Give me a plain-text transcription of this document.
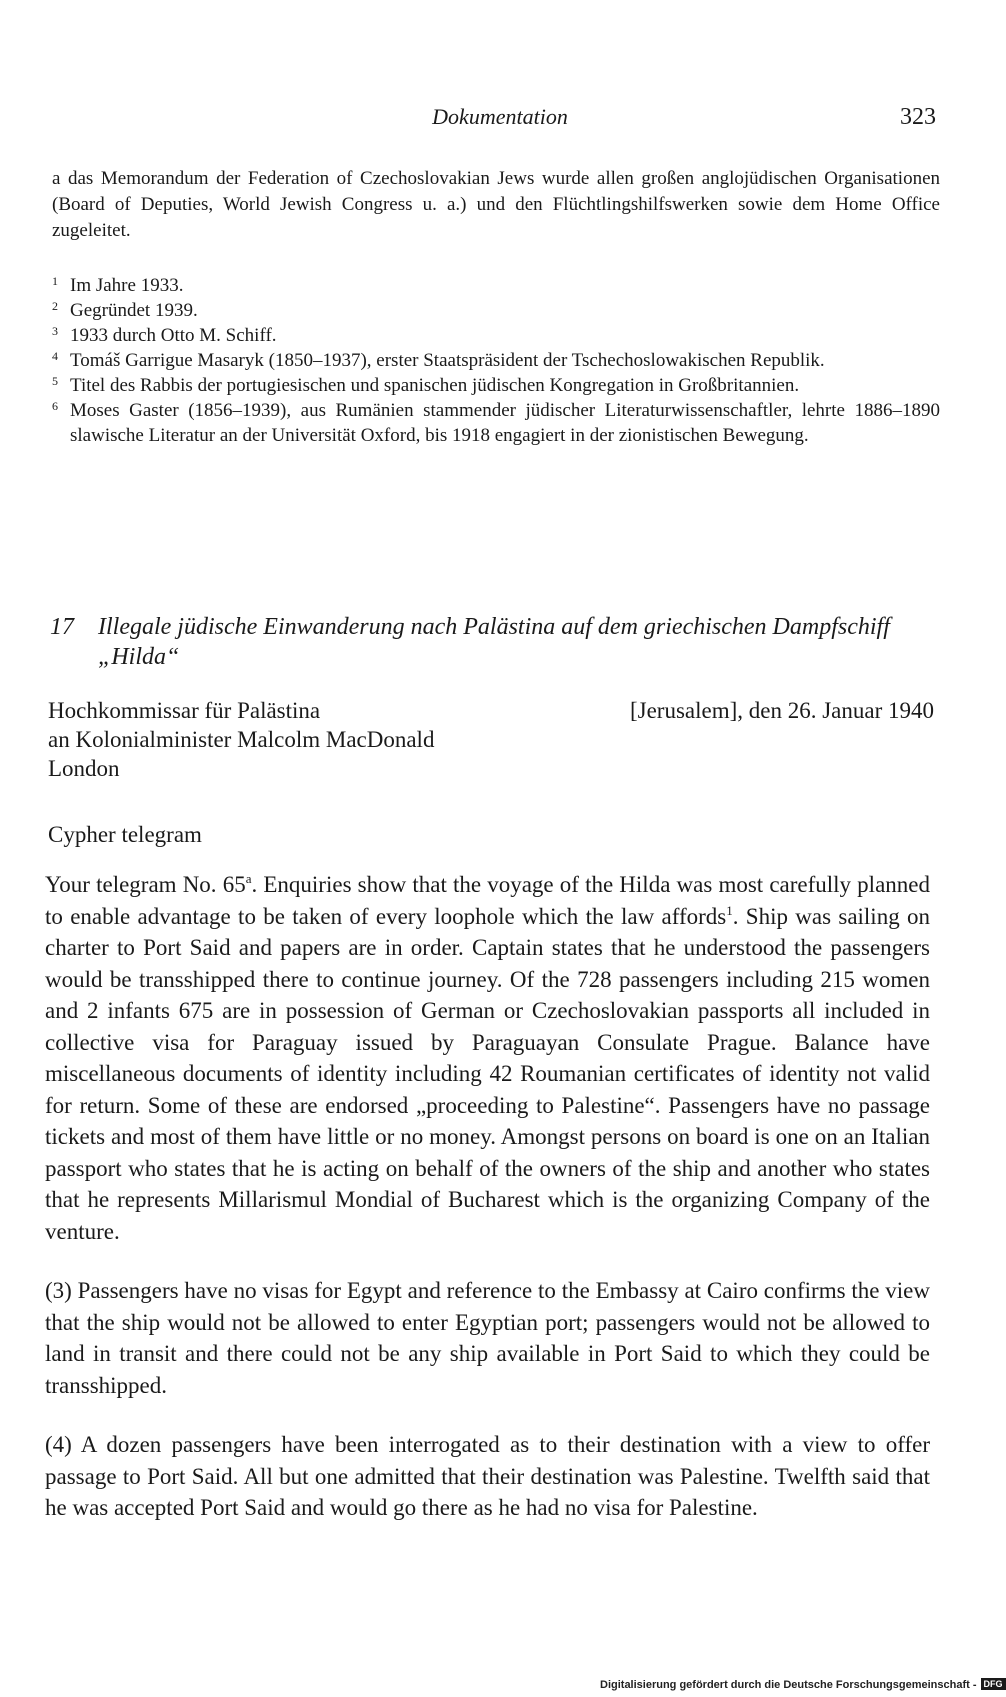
Dokumentation	323
a das Memorandum der Federation of Czechoslovakian Jews wurde allen großen anglojüdischen Organisationen (Board of Deputies, World Jewish Congress u. a.) und den Flüchtlingshilfswerken sowie dem Home Office zugeleitet.
1 Im Jahre 1933.
2 Gegründet 1939.
3 1933 durch Otto M. Schiff.
4 Tomáš Garrigue Masaryk (1850–1937), erster Staatspräsident der Tschechoslowakischen Republik.
5 Titel des Rabbis der portugiesischen und spanischen jüdischen Kongregation in Großbritannien.
6 Moses Gaster (1856–1939), aus Rumänien stammender jüdischer Literaturwissenschaftler, lehrte 1886–1890 slawische Literatur an der Universität Oxford, bis 1918 engagiert in der zionistischen Bewegung.
17 Illegale jüdische Einwanderung nach Palästina auf dem griechischen Dampfschiff „Hilda“
Hochkommissar für Palästina
an Kolonialminister Malcolm MacDonald
London
[Jerusalem], den 26. Januar 1940
Cypher telegram

Your telegram No. 65$^a$. Enquiries show that the voyage of the Hilda was most carefully planned to enable advantage to be taken of every loophole which the law affords$^1$. Ship was sailing on charter to Port Said and papers are in order. Captain states that he understood the passengers would be transshipped there to continue journey. Of the 728 passengers including 215 women and 2 infants 675 are in possession of German or Czechoslovakian passports all included in collective visa for Paraguay issued by Paraguayan Consulate Prague. Balance have miscellaneous documents of identity including 42 Roumanian certificates of identity not valid for return. Some of these are endorsed „proceeding to Palestine“. Passengers have no passage tickets and most of them have little or no money. Amongst persons on board is one on an Italian passport who states that he is acting on behalf of the owners of the ship and another who states that he represents Millarismul Mondial of Bucharest which is the organizing Company of the venture.

(3) Passengers have no visas for Egypt and reference to the Embassy at Cairo confirms the view that the ship would not be allowed to enter Egyptian port; passengers would not be allowed to land in transit and there could not be any ship available in Port Said to which they could be transshipped.

(4) A dozen passengers have been interrogated as to their destination with a view to offer passage to Port Said. All but one admitted that their destination was Palestine. Twelfth said that he was accepted Port Said and would go there as he had no visa for Palestine.

Digitalisierung gefördert durch die Deutsche Forschungsgemeinschaft - DFG
